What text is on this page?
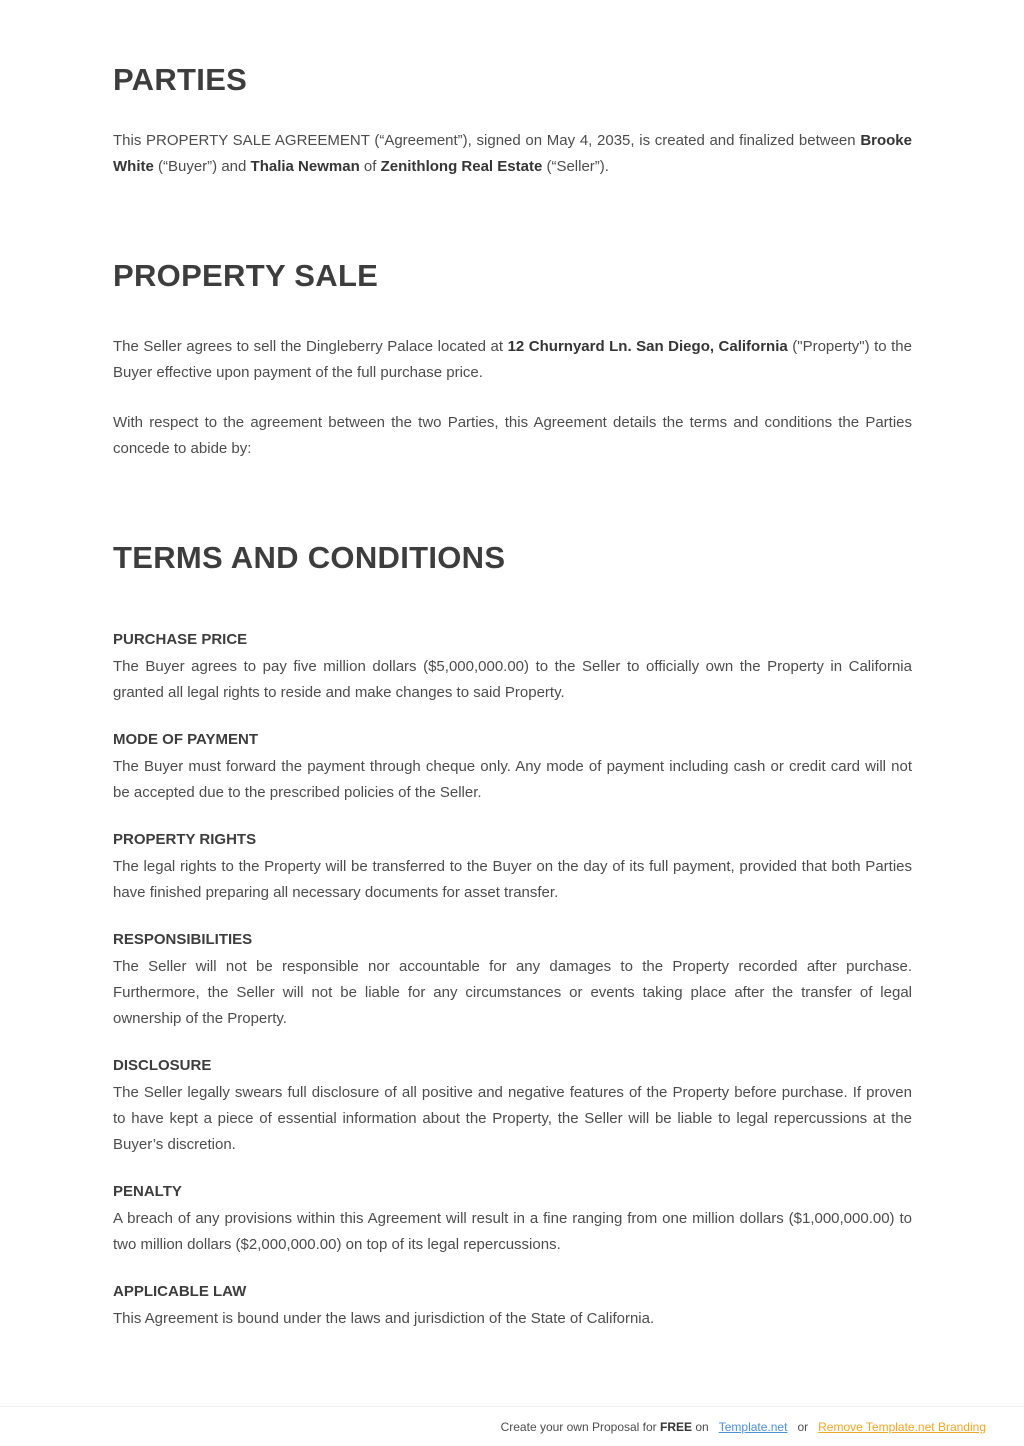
PARTIES

This PROPERTY SALE AGREEMENT (“Agreement”), signed on May 4, 2035, is created and finalized between Brooke White (“Buyer”) and Thalia Newman of Zenithlong Real Estate (“Seller”).

PROPERTY SALE

The Seller agrees to sell the Dingleberry Palace located at 12 Churnyard Ln. San Diego, California ("Property") to the Buyer effective upon payment of the full purchase price.

With respect to the agreement between the two Parties, this Agreement details the terms and conditions the Parties concede to abide by:

TERMS AND CONDITIONS
PURCHASE PRICE

The Buyer agrees to pay five million dollars ($5,000,000.00) to the Seller to officially own the Property in California granted all legal rights to reside and make changes to said Property.

MODE OF PAYMENT

The Buyer must forward the payment through cheque only. Any mode of payment including cash or credit card will not be accepted due to the prescribed policies of the Seller.

PROPERTY RIGHTS

The legal rights to the Property will be transferred to the Buyer on the day of its full payment, provided that both Parties have finished preparing all necessary documents for asset transfer.

RESPONSIBILITIES

The Seller will not be responsible nor accountable for any damages to the Property recorded after purchase. Furthermore, the Seller will not be liable for any circumstances or events taking place after the transfer of legal ownership of the Property.

DISCLOSURE

The Seller legally swears full disclosure of all positive and negative features of the Property before purchase. If proven to have kept a piece of essential information about the Property, the Seller will be liable to legal repercussions at the Buyer’s discretion.

PENALTY

A breach of any provisions within this Agreement will result in a fine ranging from one million dollars ($1,000,000.00) to two million dollars ($2,000,000.00) on top of its legal repercussions.

APPLICABLE LAW

This Agreement is bound under the laws and jurisdiction of the State of California.

Create your own Proposal for FREE on Template.net or Remove Template.net Branding
